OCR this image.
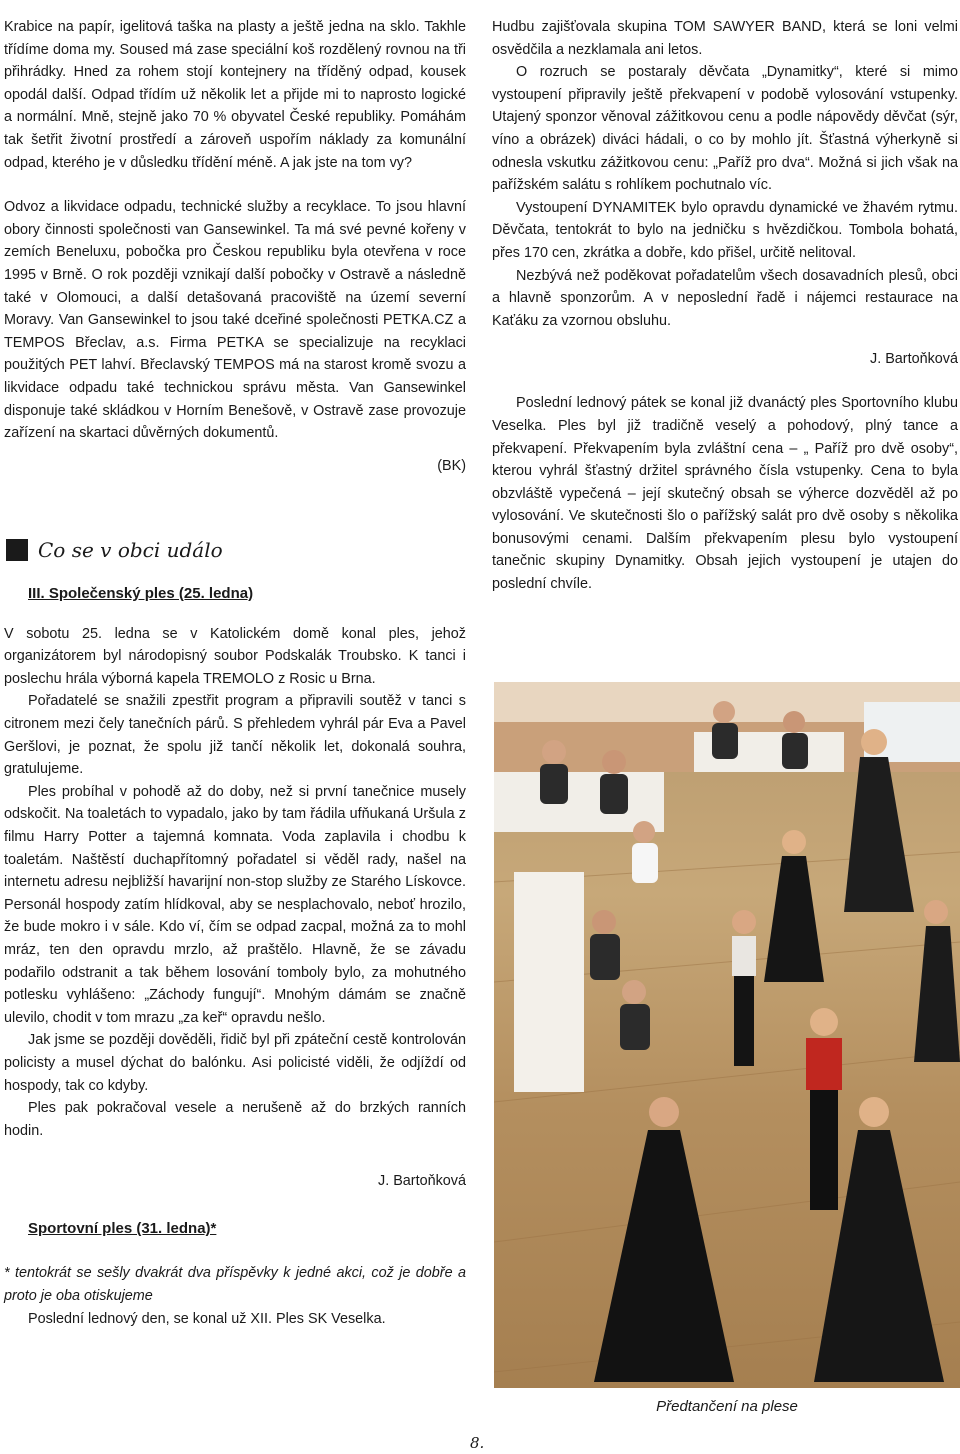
Krabice na papír, igelitová taška na plasty a ještě jedna na sklo. Takhle třídíme doma my. Soused má zase speciální koš rozdělený rovnou na tři přihrádky. Hned za rohem stojí kontejnery na tříděný odpad, kousek opodál další. Odpad třídím už několik let a přijde mi to naprosto logické a normální. Mně, stejně jako 70 % obyvatel České republiky. Pomáhám tak šetřit životní prostředí a zároveň uspořím náklady za komunální odpad, kterého je v důsledku třídění méně. A jak jste na tom vy?

Odvoz a likvidace odpadu, technické služby a recyklace. To jsou hlavní obory činnosti společnosti van Gansewinkel. Ta má své pevné kořeny v zemích Beneluxu, pobočka pro Českou republiku byla otevřena v roce 1995 v Brně. O rok později vznikají další pobočky v Ostravě a následně také v Olomouci, a další detašovaná pracoviště na území severní Moravy. Van Gansewinkel to jsou také dceřiné společnosti PETKA.CZ a TEMPOS Břeclav, a.s. Firma PETKA se specializuje na recyklaci použitých PET lahví. Břeclavský TEMPOS má na starost kromě svozu a likvidace odpadu také technickou správu města. Van Gansewinkel disponuje také skládkou v Horním Benešově, v Ostravě zase provozuje zařízení na skartaci důvěrných dokumentů.

(BK)

Co se v obci událo
III. Společenský ples (25. ledna)

V sobotu 25. ledna se v Katolickém domě konal ples, jehož organizátorem byl národopisný soubor Podskalák Troubsko. K tanci i poslechu hrála výborná kapela TREMOLO z Rosic u Brna.

Pořadatelé se snažili zpestřit program a připravili soutěž v tanci s citronem mezi čely tanečních párů. S přehledem vyhrál pár Eva a Pavel Geršlovi, je poznat, že spolu již tančí několik let, dokonalá souhra, gratulujeme.

Ples probíhal v pohodě až do doby, než si první tanečnice musely odskočit. Na toaletách to vypadalo, jako by tam řádila ufňukaná Uršula z filmu Harry Potter a tajemná komnata. Voda zaplavila i chodbu k toaletám. Naštěstí duchapřítomný pořadatel si věděl rady, našel na internetu adresu nejbližší havarijní non-stop služby ze Starého Lískovce. Personál hospody zatím hlídkoval, aby se nesplachovalo, neboť hrozilo, že bude mokro i v sále. Kdo ví, čím se odpad zacpal, možná za to mohl mráz, ten den opravdu mrzlo, až praštělo. Hlavně, že se závadu podařilo odstranit a tak během losování tomboly bylo, za mohutného potlesku vyhlášeno: „Záchody fungují“. Mnohým dámám se značně ulevilo, chodit v tom mrazu „za keř“ opravdu nešlo.

Jak jsme se později dověděli, řidič byl při zpáteční cestě kontrolován policisty a musel dýchat do balónku. Asi policisté viděli, že odjíždí od hospody, tak co kdyby.

Ples pak pokračoval vesele a nerušeně až do brzkých ranních hodin.

J. Bartoňková

Sportovní ples (31. ledna)*

* tentokrát se sešly dvakrát dva příspěvky k jedné akci, což je dobře a proto je oba otiskujeme

Poslední lednový den, se konal už XII. Ples SK Veselka.

Hudbu zajišťovala skupina TOM SAWYER BAND, která se loni velmi osvědčila a nezklamala ani letos.

O rozruch se postaraly děvčata „Dynamitky“, které si mimo vystoupení připravily ještě překvapení v podobě vylosování vstupenky. Utajený sponzor věnoval zážitkovou cenu a podle nápovědy děvčat (sýr, víno a obrázek) diváci hádali, o co by mohlo jít. Šťastná výherkyně si odnesla vskutku zážitkovou cenu: „Paříž pro dva“. Možná si jich však na pařížském salátu s rohlíkem pochutnalo víc.

Vystoupení DYNAMITEK bylo opravdu dynamické ve žhavém rytmu. Děvčata, tentokrát to bylo na jedničku s hvězdičkou. Tombola bohatá, přes 170 cen, zkrátka a dobře, kdo přišel, určitě nelitoval.

Nezbývá než poděkovat pořadatelům všech dosavadních plesů, obci a hlavně sponzorům. A v neposlední řadě i nájemci restaurace na Kaťáku za vzornou obsluhu.

J. Bartoňková

Poslední lednový pátek se konal již dvanáctý ples Sportovního klubu Veselka. Ples byl již tradičně veselý a pohodový, plný tance a překvapení. Překvapením byla zvláštní cena – „ Paříž pro dvě osoby“, kterou vyhrál šťastný držitel správného čísla vstupenky. Cena to byla obzvláště vypečená – její skutečný obsah se výherce dozvěděl až po vylosování. Ve skutečnosti šlo o pařížský salát pro dvě osoby s několika bonusovými cenami. Dalším překvapením plesu bylo vystoupení tanečnic skupiny Dynamitky. Obsah jejich vystoupení je utajen do poslední chvíle.

Předtančení na plese
8.
